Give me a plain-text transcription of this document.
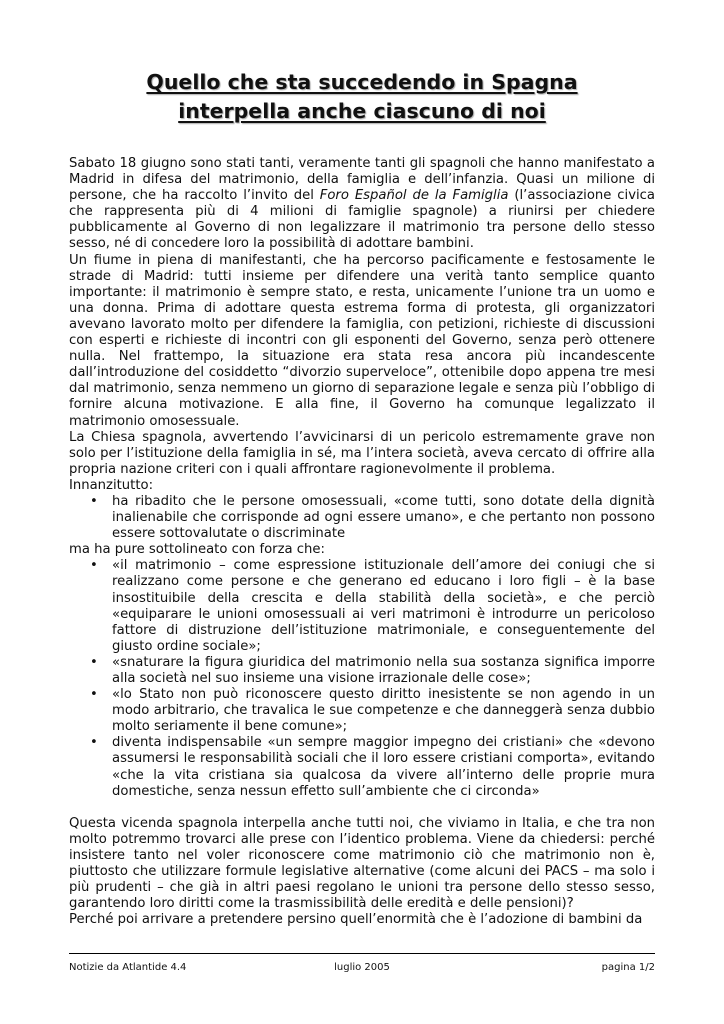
Quello che sta succedendo in Spagna
interpella anche ciascuno di noi

Sabato 18 giugno sono stati tanti, veramente tanti gli spagnoli che hanno manifestato a Madrid in difesa del matrimonio, della famiglia e dell’infanzia. Quasi un milione di persone, che ha raccolto l’invito del Foro Español de la Famiglia (l’associazione civica che rappresenta più di 4 milioni di famiglie spagnole) a riunirsi per chiedere pubblicamente al Governo di non legalizzare il matrimonio tra persone dello stesso sesso, né di concedere loro la possibilità di adottare bambini.

Un fiume in piena di manifestanti, che ha percorso pacificamente e festosamente le strade di Madrid: tutti insieme per difendere una verità tanto semplice quanto importante: il matrimonio è sempre stato, e resta, unicamente l’unione tra un uomo e una donna. Prima di adottare questa estrema forma di protesta, gli organizzatori avevano lavorato molto per difendere la famiglia, con petizioni, richieste di discussioni con esperti e richieste di incontri con gli esponenti del Governo, senza però ottenere nulla. Nel frattempo, la situazione era stata resa ancora più incandescente dall’introduzione del cosiddetto “divorzio superveloce”, ottenibile dopo appena tre mesi dal matrimonio, senza nemmeno un giorno di separazione legale e senza più l’obbligo di fornire alcuna motivazione. E alla fine, il Governo ha comunque legalizzato il matrimonio omosessuale.

La Chiesa spagnola, avvertendo l’avvicinarsi di un pericolo estremamente grave non solo per l’istituzione della famiglia in sé, ma l’intera società, aveva cercato di offrire alla propria nazione criteri con i quali affrontare ragionevolmente il problema.

Innanzitutto:

• ha ribadito che le persone omosessuali, «come tutti, sono dotate della dignità inalienabile che corrisponde ad ogni essere umano», e che pertanto non possono essere sottovalutate o discriminate

ma ha pure sottolineato con forza che:

• «il matrimonio – come espressione istituzionale dell’amore dei coniugi che si realizzano come persone e che generano ed educano i loro figli – è la base insostituibile della crescita e della stabilità della società», e che perciò «equiparare le unioni omosessuali ai veri matrimoni è introdurre un pericoloso fattore di distruzione dell’istituzione matrimoniale, e conseguentemente del giusto ordine sociale»;
• «snaturare la figura giuridica del matrimonio nella sua sostanza significa imporre alla società nel suo insieme una visione irrazionale delle cose»;
• «lo Stato non può riconoscere questo diritto inesistente se non agendo in un modo arbitrario, che travalica le sue competenze e che danneggerà senza dubbio molto seriamente il bene comune»;
• diventa indispensabile «un sempre maggior impegno dei cristiani» che «devono assumersi le responsabilità sociali che il loro essere cristiani comporta», evitando «che la vita cristiana sia qualcosa da vivere all’interno delle proprie mura domestiche, senza nessun effetto sull’ambiente che ci circonda»

Questa vicenda spagnola interpella anche tutti noi, che viviamo in Italia, e che tra non molto potremmo trovarci alle prese con l’identico problema. Viene da chiedersi: perché insistere tanto nel voler riconoscere come matrimonio ciò che matrimonio non è, piuttosto che utilizzare formule legislative alternative (come alcuni dei PACS – ma solo i più prudenti – che già in altri paesi regolano le unioni tra persone dello stesso sesso, garantendo loro diritti come la trasmissibilità delle eredità e delle pensioni)?

Perché poi arrivare a pretendere persino quell’enormità che è l’adozione di bambini da

Notizie da Atlantide 4.4	luglio 2005	pagina 1/2
